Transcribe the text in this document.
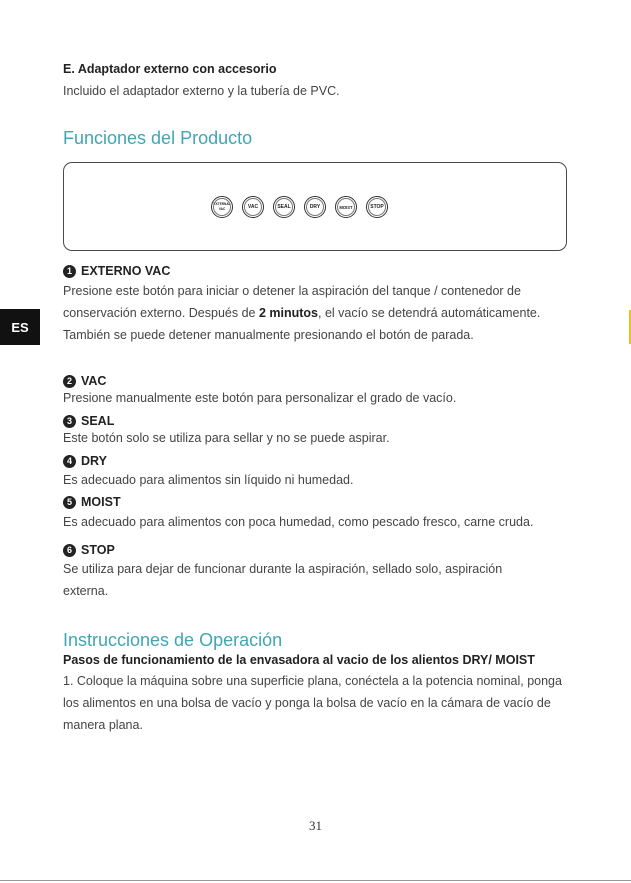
E. Adaptador externo con accesorio
Incluido el adaptador externo y la tubería de PVC.
Funciones del Producto
EXTERNAL VAC	VAC	SEAL	DRY	MOIST	STOP
1 EXTERNO VAC
Presione este botón para iniciar o detener la aspiración del tanque / contenedor de conservación externo. Después de 2 minutos, el vacío se detendrá automáticamente. También se puede detener manualmente presionando el botón de parada.
2 VAC
Presione manualmente este botón para personalizar el grado de vacío.
3 SEAL
Este botón solo se utiliza para sellar y no se puede aspirar.
4 DRY
Es adecuado para alimentos sin líquido ni humedad.
5 MOIST
Es adecuado para alimentos con poca humedad, como pescado fresco, carne cruda.
6 STOP
Se utiliza para dejar de funcionar durante la aspiración, sellado solo, aspiración externa.
Instrucciones de Operación
Pasos de funcionamiento de la envasadora al vacio de los alientos DRY/ MOIST
1. Coloque la máquina sobre una superficie plana, conéctela a la potencia nominal, ponga los alimentos en una bolsa de vacío y ponga la bolsa de vacío en la cámara de vacío de manera plana.
ES
31
